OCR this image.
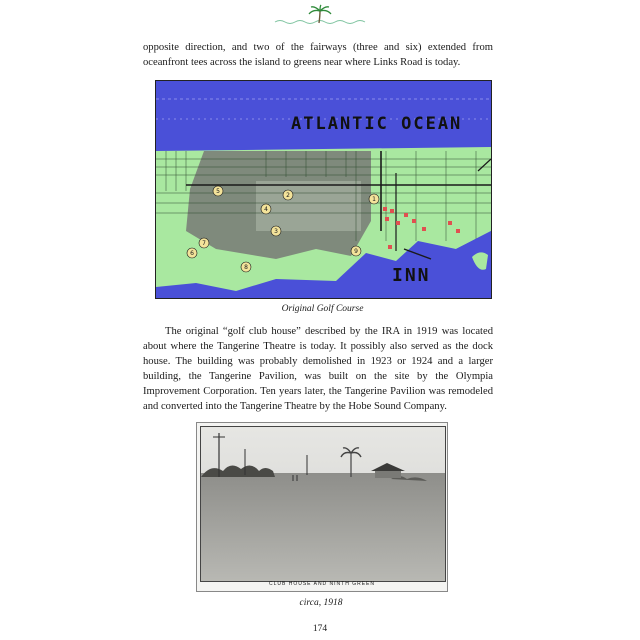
opposite direction, and two of the fairways (three and six) extended from oceanfront tees across the island to greens near where Links Road is today.

1
2
3
4
5
6
7
8
9
ATLANTIC OCEAN
INN
Original Golf Course

The original “golf club house” described by the IRA in 1919 was located about where the Tangerine Theatre is today. It possibly also served as the dock house. The building was probably demolished in 1923 or 1924 and a larger building, the Tangerine Pavilion, was built on the site by the Olympia Improvement Corporation. Ten years later, the Tangerine Pavilion was remodeled and converted into the Tangerine Theatre by the Hobe Sound Company.

CLUB HOUSE AND NINTH GREEN
circa, 1918
174
